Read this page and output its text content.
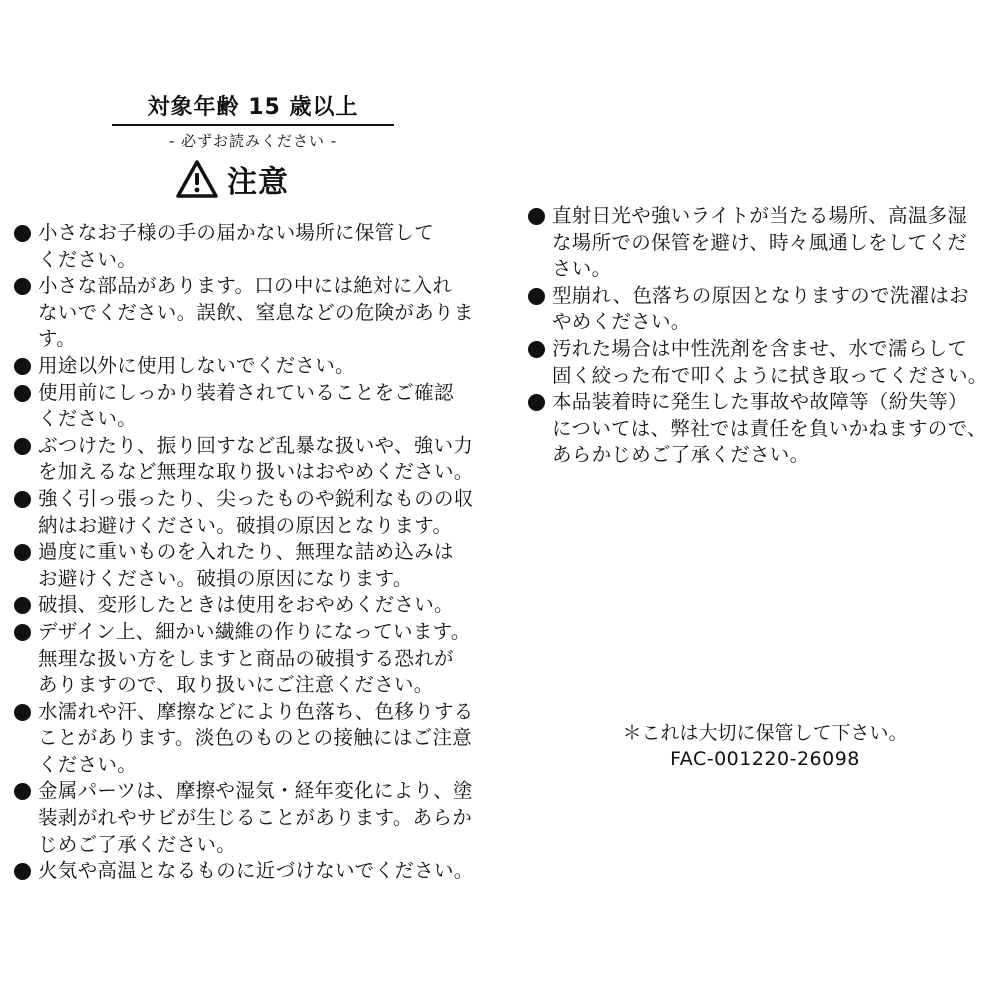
対象年齢 15 歳以上
- 必ずお読みください -
注意
小さなお子様の手の届かない場所に保管して
ください。
小さな部品があります。口の中には絶対に入れ
ないでください。誤飲、窒息などの危険がありま
す。
用途以外に使用しないでください。
使用前にしっかり装着されていることをご確認
ください。
ぶつけたり、振り回すなど乱暴な扱いや、強い力
を加えるなど無理な取り扱いはおやめください。
強く引っ張ったり、尖ったものや鋭利なものの収
納はお避けください。破損の原因となります。
過度に重いものを入れたり、無理な詰め込みは
お避けください。破損の原因になります。
破損、変形したときは使用をおやめください。
デザイン上、細かい繊維の作りになっています。
無理な扱い方をしますと商品の破損する恐れが
ありますので、取り扱いにご注意ください。
水濡れや汗、摩擦などにより色落ち、色移りする
ことがあります。淡色のものとの接触にはご注意
ください。
金属パーツは、摩擦や湿気・経年変化により、塗
装剥がれやサビが生じることがあります。あらか
じめご了承ください。
火気や高温となるものに近づけないでください。
直射日光や強いライトが当たる場所、高温多湿
な場所での保管を避け、時々風通しをしてくだ
さい。
型崩れ、色落ちの原因となりますので洗濯はお
やめください。
汚れた場合は中性洗剤を含ませ、水で濡らして
固く絞った布で叩くように拭き取ってください。
本品装着時に発生した事故や故障等（紛失等）
については、弊社では責任を負いかねますので、
あらかじめご了承ください。
＊これは大切に保管して下さい。
FAC-001220-26098
